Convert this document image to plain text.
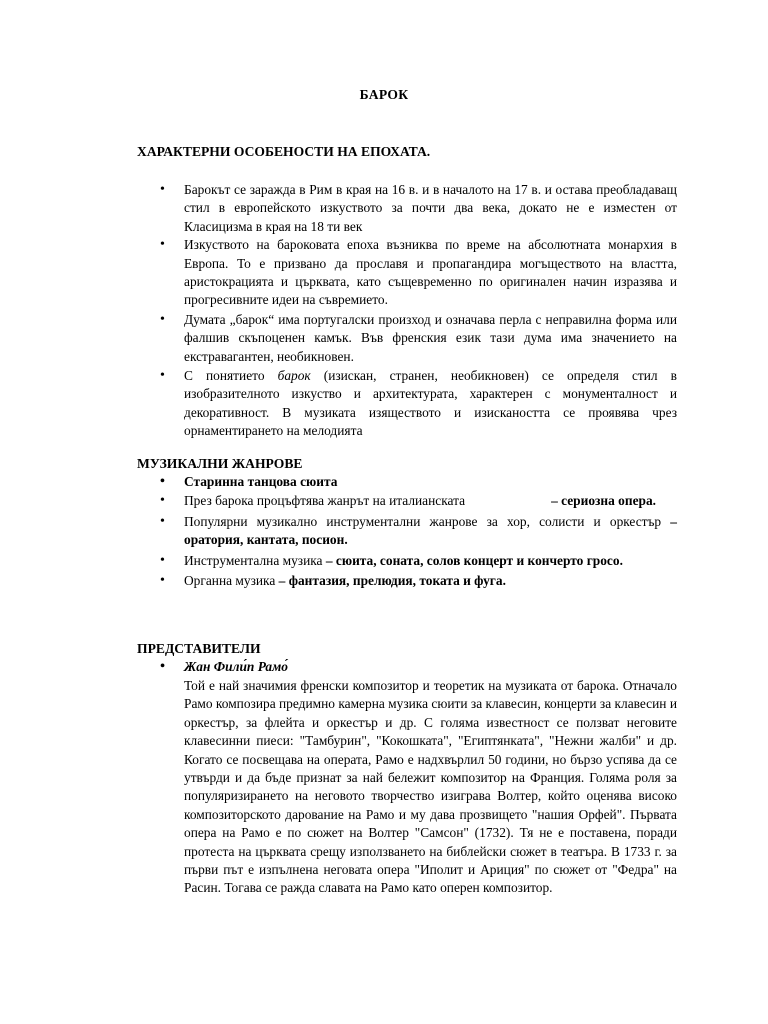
БАРОК
ХАРАКТЕРНИ ОСОБЕНОСТИ НА ЕПОХАТА.
• Барокът се заражда в Рим в края на 16 в. и в началото на 17 в. и остава преобладаващ стил в европейското изкуството за почти два века, докато не е изместен от Класицизма в края на 18 ти век
• Изкуството на бароковата епоха възниква по време на абсолютната монархия в Европа. То е призвано да прославя и пропагандира могъществото на властта, аристокрацията и църквата, като същевременно по оригинален начин изразява и прогресивните идеи на съвремието.
• Думата „барок“ има португалски произход и означава перла с неправилна форма или фалшив скъпоценен камък. Във френския език тази дума има значението на екстравагантен, необикновен.
• С понятието барок (изискан, странен, необикновен) се определя стил в изобразителното изкуство и архитектурата, характерен с монументалност и декоративност. В музиката изяществото и изискаността се проявява чрез орнаментирането на мелодията
МУЗИКАЛНИ ЖАНРОВЕ
• Старинна танцова сюита
• През барока процъфтява жанрът на италианската	– сериозна опера.
• Популярни музикално инструментални жанрове за хор, солисти и оркестър – оратория, кантата, посион.
• Инструментална музика – сюита, соната, солов концерт и кончерто гросо.
• Органна музика – фантазия, прелюдия, токата и фуга.
ПРЕДСТАВИТЕЛИ
• Жан Фили́п Рамо́

Той е най значимия френски композитор и теоретик на музиката от барока. Отначало Рамо композира предимно камерна музика сюити за клавесин, концерти за клавесин и оркестър, за флейта и оркестър и др. С голяма известност се ползват неговите клавесинни пиеси: "Тамбурин", "Кокошката", "Египтянката", "Нежни жалби" и др. Когато се посвещава на операта, Рамо е надхвърлил 50 години, но бързо успява да се утвърди и да бъде признат за най бележит композитор на Франция. Голяма роля за популяризирането на неговото творчество изиграва Волтер, който оценява високо композиторското дарование на Рамо и му дава прозвището "нашия Орфей". Първата опера на Рамо е по сюжет на Волтер "Самсон" (1732). Тя не е поставена, поради протеста на църквата срещу използването на библейски сюжет в театъра. В 1733 г. за първи път е изпълнена неговата опера "Иполит и Ариция" по сюжет от "Федра" на Расин. Тогава се ражда славата на Рамо като оперен композитор.
